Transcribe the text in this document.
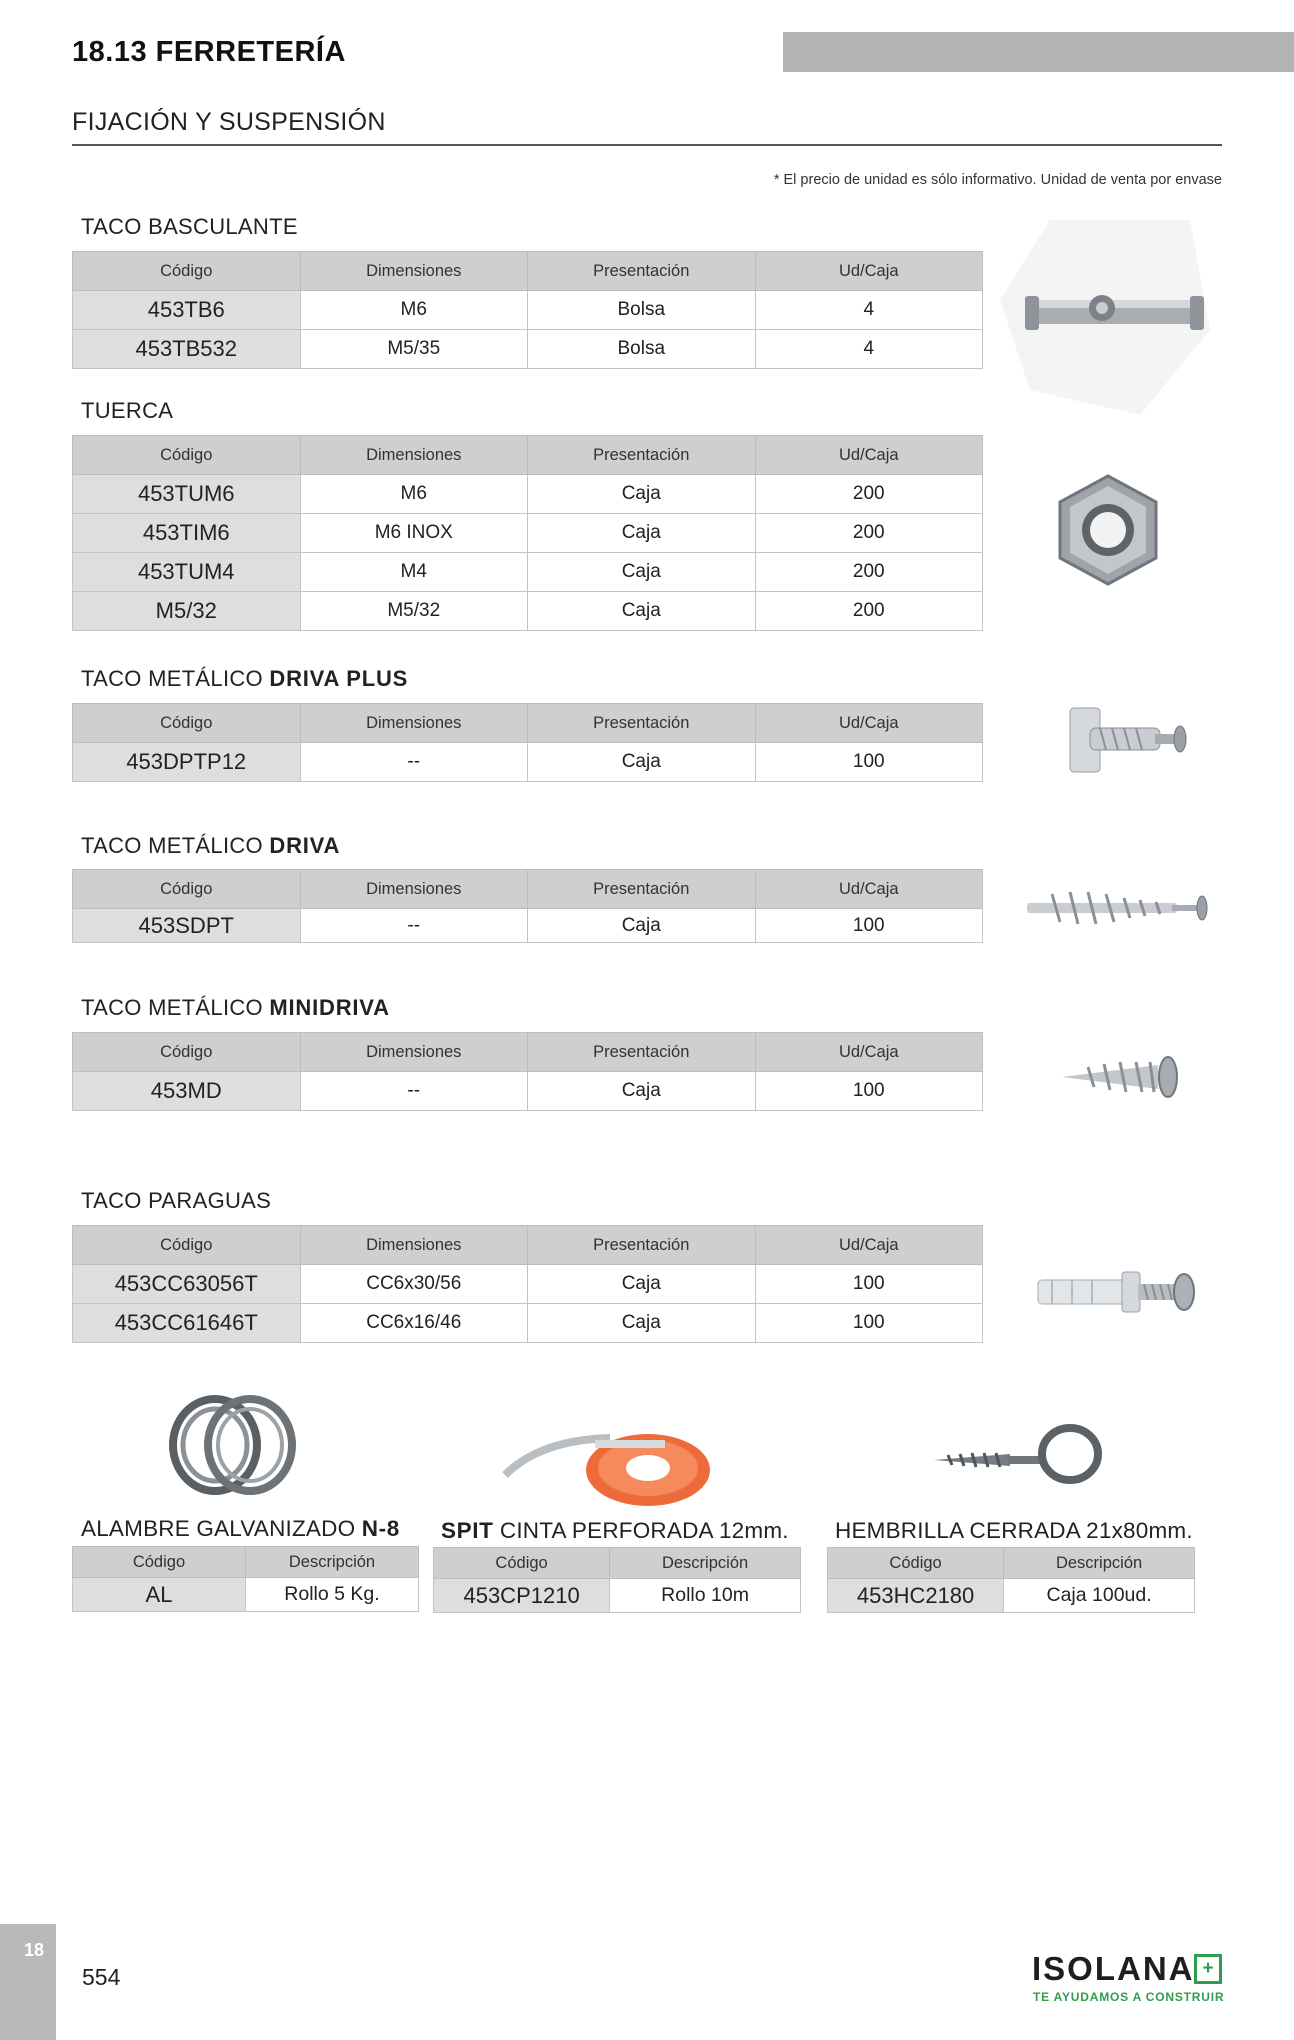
18.13 FERRETERÍA
FIJACIÓN Y SUSPENSIÓN
* El precio de unidad es sólo informativo. Unidad de venta por envase
TACO BASCULANTE
Código	Dimensiones	Presentación	Ud/Caja
453TB6	M6	Bolsa	4
453TB532	M5/35	Bolsa	4
TUERCA
Código	Dimensiones	Presentación	Ud/Caja
453TUM6	M6	Caja	200
453TIM6	M6 INOX	Caja	200
453TUM4	M4	Caja	200
M5/32	M5/32	Caja	200
TACO METÁLICO DRIVA PLUS
Código	Dimensiones	Presentación	Ud/Caja
453DPTP12	--	Caja	100
TACO METÁLICO DRIVA
Código	Dimensiones	Presentación	Ud/Caja
453SDPT	--	Caja	100
TACO METÁLICO MINIDRIVA
Código	Dimensiones	Presentación	Ud/Caja
453MD	--	Caja	100
TACO PARAGUAS
Código	Dimensiones	Presentación	Ud/Caja
453CC63056T	CC6x30/56	Caja	100
453CC61646T	CC6x16/46	Caja	100
ALAMBRE GALVANIZADO N-8
Código	Descripción
AL	Rollo 5 Kg.
SPIT CINTA PERFORADA 12mm.
Código	Descripción
453CP1210	Rollo 10m
HEMBRILLA CERRADA 21x80mm.
Código	Descripción
453HC2180	Caja 100ud.
18
554	ISOLANA +
TE AYUDAMOS A CONSTRUIR
